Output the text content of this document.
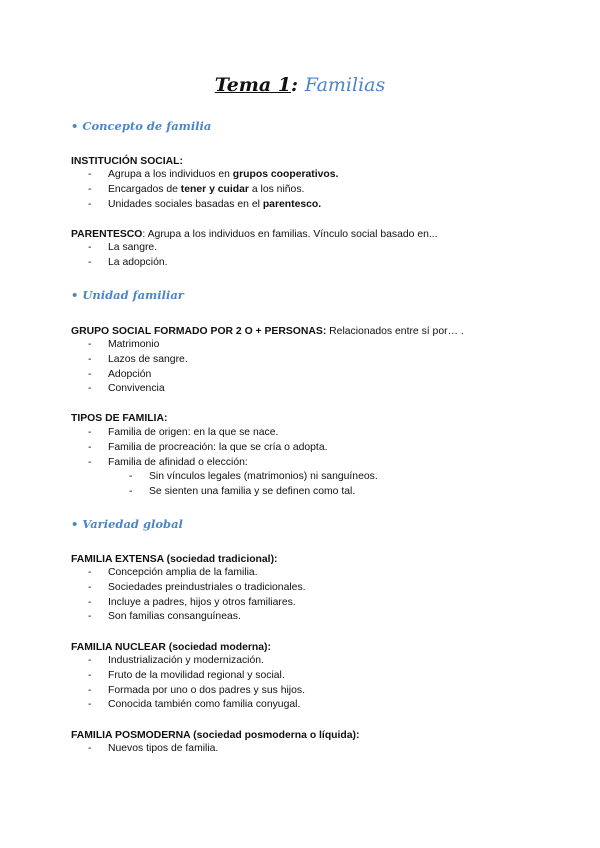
Tema 1: Familias
• Concepto de familia
INSTITUCIÓN SOCIAL:
- Agrupa a los individuos en grupos cooperativos.
- Encargados de tener y cuidar a los niños.
- Unidades sociales basadas en el parentesco.
PARENTESCO: Agrupa a los individuos en familias. Vínculo social basado en...
- La sangre.
- La adopción.
• Unidad familiar
GRUPO SOCIAL FORMADO POR 2 O + PERSONAS: Relacionados entre sí por… .
- Matrimonio
- Lazos de sangre.
- Adopción
- Convivencia
TIPOS DE FAMILIA:
- Familia de origen: en la que se nace.
- Familia de procreación: la que se cría o adopta.
- Familia de afinidad o elección:
- Sin vínculos legales (matrimonios) ni sanguíneos.
- Se sienten una familia y se definen como tal.
• Variedad global
FAMILIA EXTENSA (sociedad tradicional):
- Concepción amplia de la familia.
- Sociedades preindustriales o tradicionales.
- Incluye a padres, hijos y otros familiares.
- Son familias consanguíneas.
FAMILIA NUCLEAR (sociedad moderna):
- Industrialización y modernización.
- Fruto de la movilidad regional y social.
- Formada por uno o dos padres y sus hijos.
- Conocida también como familia conyugal.
FAMILIA POSMODERNA (sociedad posmoderna o líquida):
- Nuevos tipos de familia.
